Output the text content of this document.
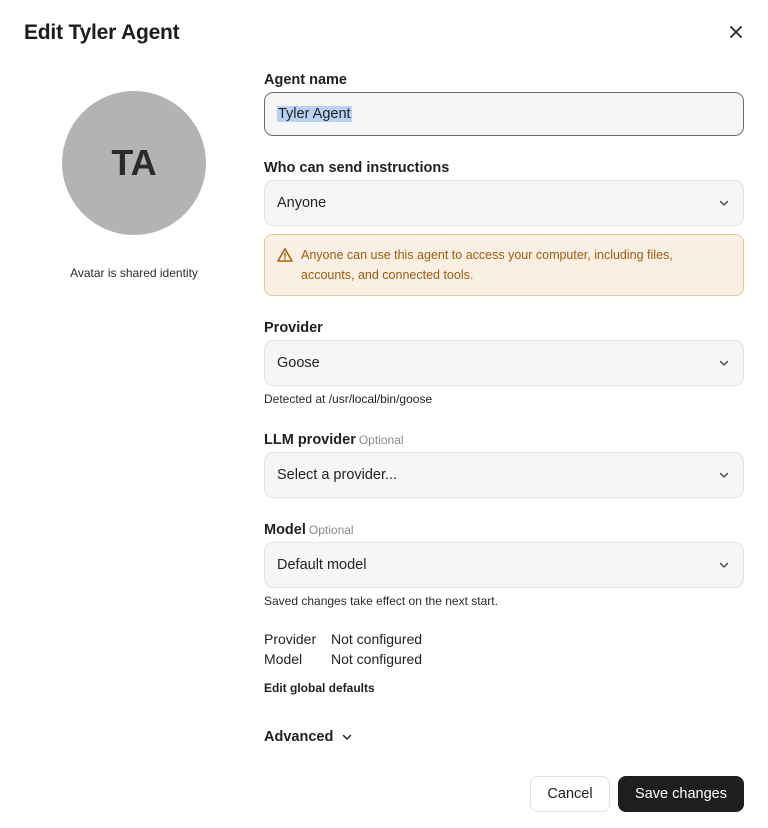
Edit Tyler Agent
TA
Avatar is shared identity
Agent name
Tyler Agent
Who can send instructions
Anyone
Anyone can use this agent to access your computer, including files, accounts, and connected tools.
Provider
Goose
Detected at /usr/local/bin/goose
LLM provider Optional
Select a provider...
Model Optional
Default model
Saved changes take effect on the next start.
Provider Not configured
Model Not configured
Edit global defaults
Advanced
Cancel	Save changes
